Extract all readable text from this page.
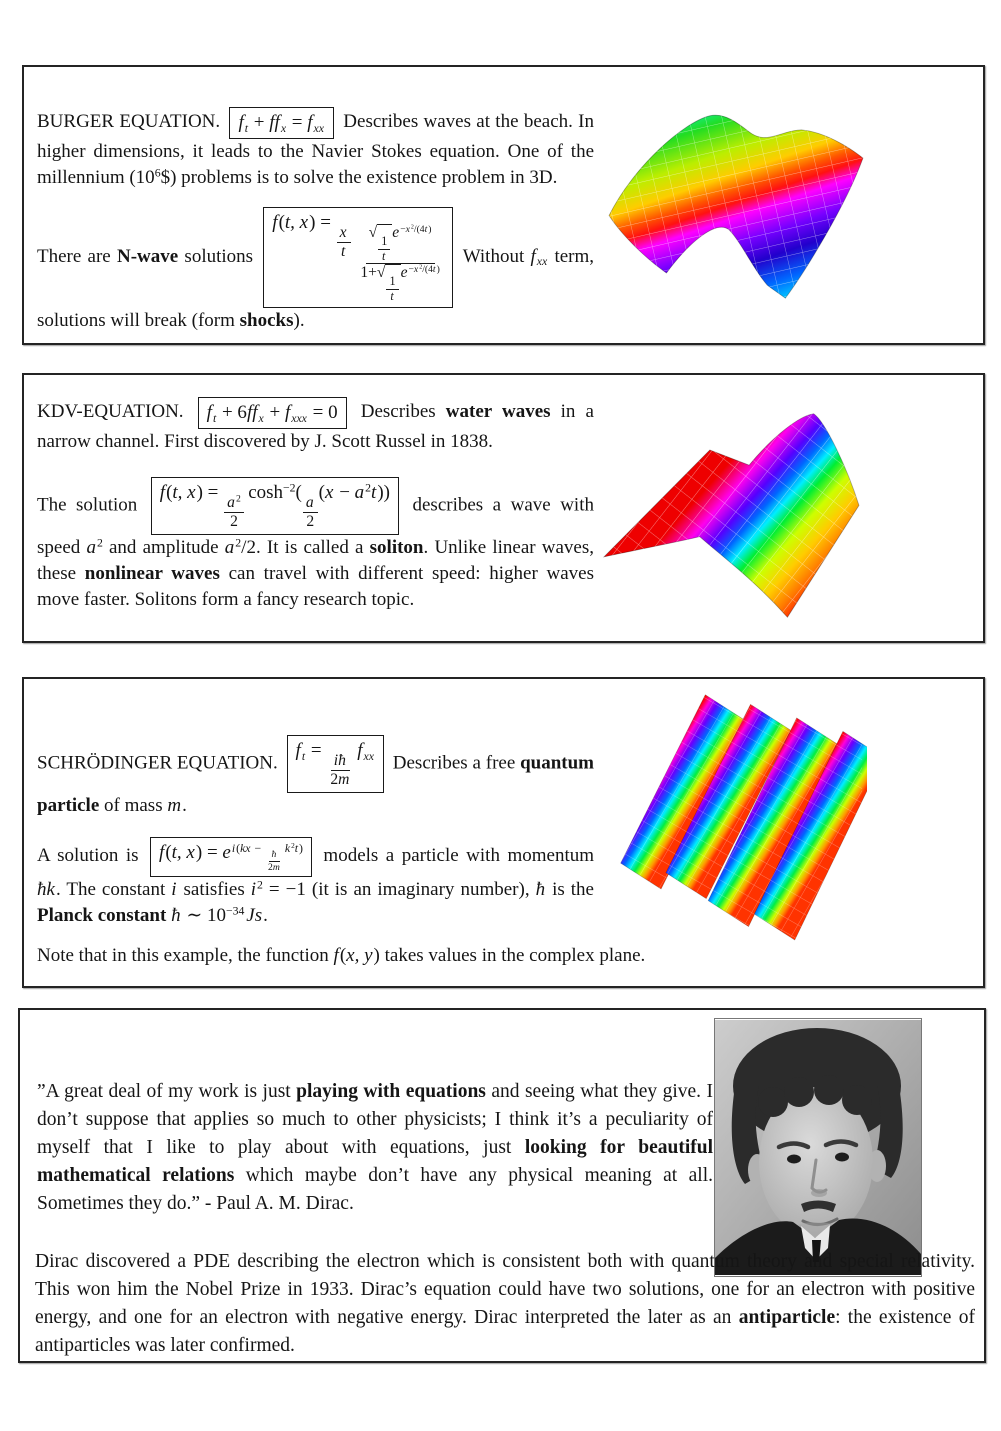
BURGER EQUATION. $f_t + ff_x = f_{xx}$ Describes waves at the beach. In higher dimensions, it leads to the Navier Stokes equation. One of the millennium $(10^6\$)$ problems is to solve the existence problem in 3D.

There are N-wave solutions f(t, x) =
$\frac{x}{t}$ √
$\frac{1}{t}$
$e^{-x^2/(4t)}$
1+ √
$\frac{1}{t}$
$e^{-x^2/(4t)}$ Without $f_{xx}$ term, solutions will break (form shocks).

KDV-EQUATION. $f_t + 6ff_x + f_{xxx} = 0$ Describes water waves in a narrow channel. First discovered by J. Scott Russel in 1838.

The solution f(t, x) =
$\frac{a^2}{2}$
$\cosh^{-2}$(
$\frac{a}{2}$
$(x - a^2t)$) describes a wave with speed $a^2$ and amplitude $a^2/2$. It is called a soliton. Unlike linear waves, these nonlinear waves can travel with different speed: higher waves move faster. Solitons form a fancy research topic.

SCHRÖDINGER EQUATION. $f_t$ =
$\frac{iħ}{2m}$
$f_{xx}$ Describes a free quantum particle of mass m.

A solution is f(t, $x) = e^{i(kx - \frac{ħ}{2m} k^2t)}$ models a particle with momentum ħk. The constant i satisfies $i^2 = -1$ (it is an imaginary number), ħ is the Planck constant ħ ∼ $10^{-34}Js$.

Note that in this example, the function f(x, y) takes values in the complex plane.

”A great deal of my work is just playing with equations and seeing what they give. I don’t suppose that applies so much to other physicists; I think it’s a peculiarity of myself that I like to play about with equations, just looking for beautiful mathematical relations which maybe don’t have any physical meaning at all. Sometimes they do.” - Paul A. M. Dirac.

Dirac discovered a PDE describing the electron which is consistent both with quantum theory and special relativity. This won him the Nobel Prize in 1933. Dirac’s equation could have two solutions, one for an electron with positive energy, and one for an electron with negative energy. Dirac interpreted the later as an antiparticle: the existence of antiparticles was later confirmed.
